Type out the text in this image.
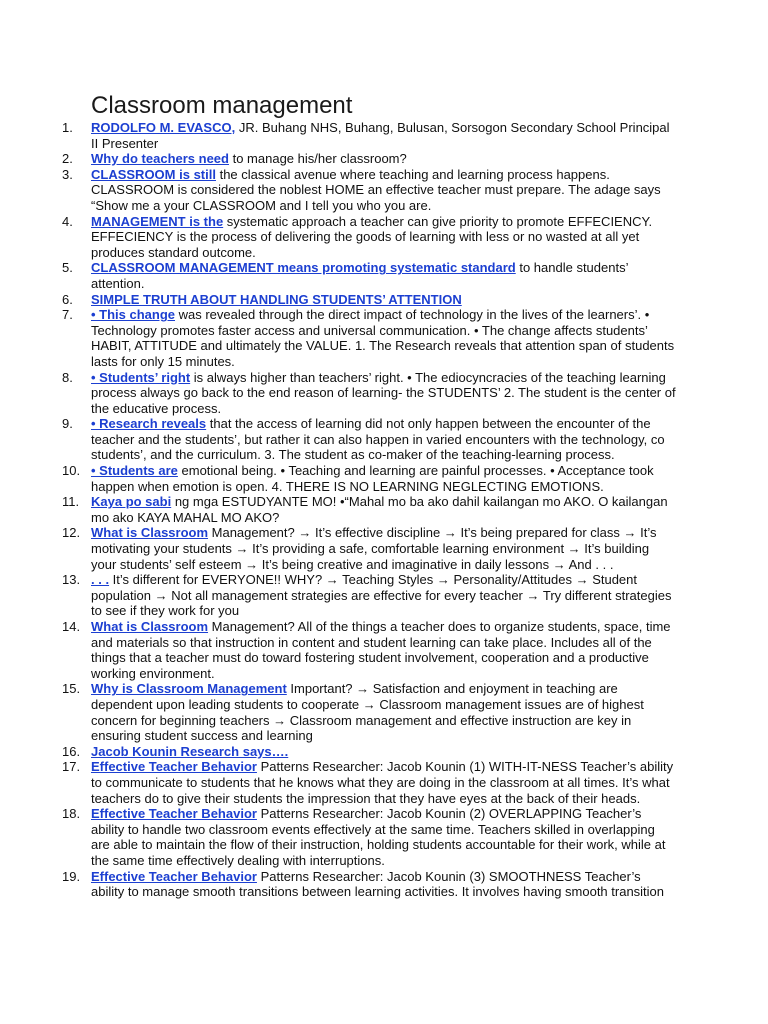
Classroom management
1.	RODOLFO M. EVASCO, JR. Buhang NHS, Buhang, Bulusan, Sorsogon Secondary School Principal II Presenter
2.	Why do teachers need to manage his/her classroom?
3.	CLASSROOM is still the classical avenue where teaching and learning process happens. CLASSROOM is considered the noblest HOME an effective teacher must prepare. The adage says “Show me a your CLASSROOM and I tell you who you are.
4.	MANAGEMENT is the systematic approach a teacher can give priority to promote EFFECIENCY. EFFECIENCY is the process of delivering the goods of learning with less or no wasted at all yet produces standard outcome.
5.	CLASSROOM MANAGEMENT means promoting systematic standard to handle students’ attention.
6.	SIMPLE TRUTH ABOUT HANDLING STUDENTS’ ATTENTION
7.	• This change was revealed through the direct impact of technology in the lives of the learners’. • Technology promotes faster access and universal communication. • The change affects students’ HABIT, ATTITUDE and ultimately the VALUE. 1. The Research reveals that attention span of students lasts for only 15 minutes.
8.	• Students’ right is always higher than teachers’ right. • The ediocyncracies of the teaching learning process always go back to the end reason of learning- the STUDENTS’ 2. The student is the center of the educative process.
9.	• Research reveals that the access of learning did not only happen between the encounter of the teacher and the students’, but rather it can also happen in varied encounters with the technology, co students’, and the curriculum. 3. The student as co-maker of the teaching-learning process.
10. • Students are emotional being. • Teaching and learning are painful processes. • Acceptance took happen when emotion is open. 4. THERE IS NO LEARNING NEGLECTING EMOTIONS.
11. Kaya po sabi ng mga ESTUDYANTE MO! •“Mahal mo ba ako dahil kailangan mo AKO. O kailangan mo ako KAYA MAHAL MO AKO?
12. What is Classroom Management? → It’s effective discipline → It’s being prepared for class → It’s motivating your students → It’s providing a safe, comfortable learning environment → It’s building your students’ self esteem → It’s being creative and imaginative in daily lessons → And . . .
13. . . . It’s different for EVERYONE!! WHY? → Teaching Styles → Personality/Attitudes → Student population → Not all management strategies are effective for every teacher → Try different strategies to see if they work for you
14. What is Classroom Management? All of the things a teacher does to organize students, space, time and materials so that instruction in content and student learning can take place. Includes all of the things that a teacher must do toward fostering student involvement, cooperation and a productive working environment.
15. Why is Classroom Management Important? → Satisfaction and enjoyment in teaching are dependent upon leading students to cooperate → Classroom management issues are of highest concern for beginning teachers → Classroom management and effective instruction are key in ensuring student success and learning
16. Jacob Kounin Research says….
17. Effective Teacher Behavior Patterns Researcher: Jacob Kounin (1) WITH-IT-NESS Teacher’s ability to communicate to students that he knows what they are doing in the classroom at all times. It’s what teachers do to give their students the impression that they have eyes at the back of their heads.
18. Effective Teacher Behavior Patterns Researcher: Jacob Kounin (2) OVERLAPPING Teacher’s ability to handle two classroom events effectively at the same time. Teachers skilled in overlapping are able to maintain the flow of their instruction, holding students accountable for their work, while at the same time effectively dealing with interruptions.
19. Effective Teacher Behavior Patterns Researcher: Jacob Kounin (3) SMOOTHNESS Teacher’s ability to manage smooth transitions between learning activities. It involves having smooth transition
